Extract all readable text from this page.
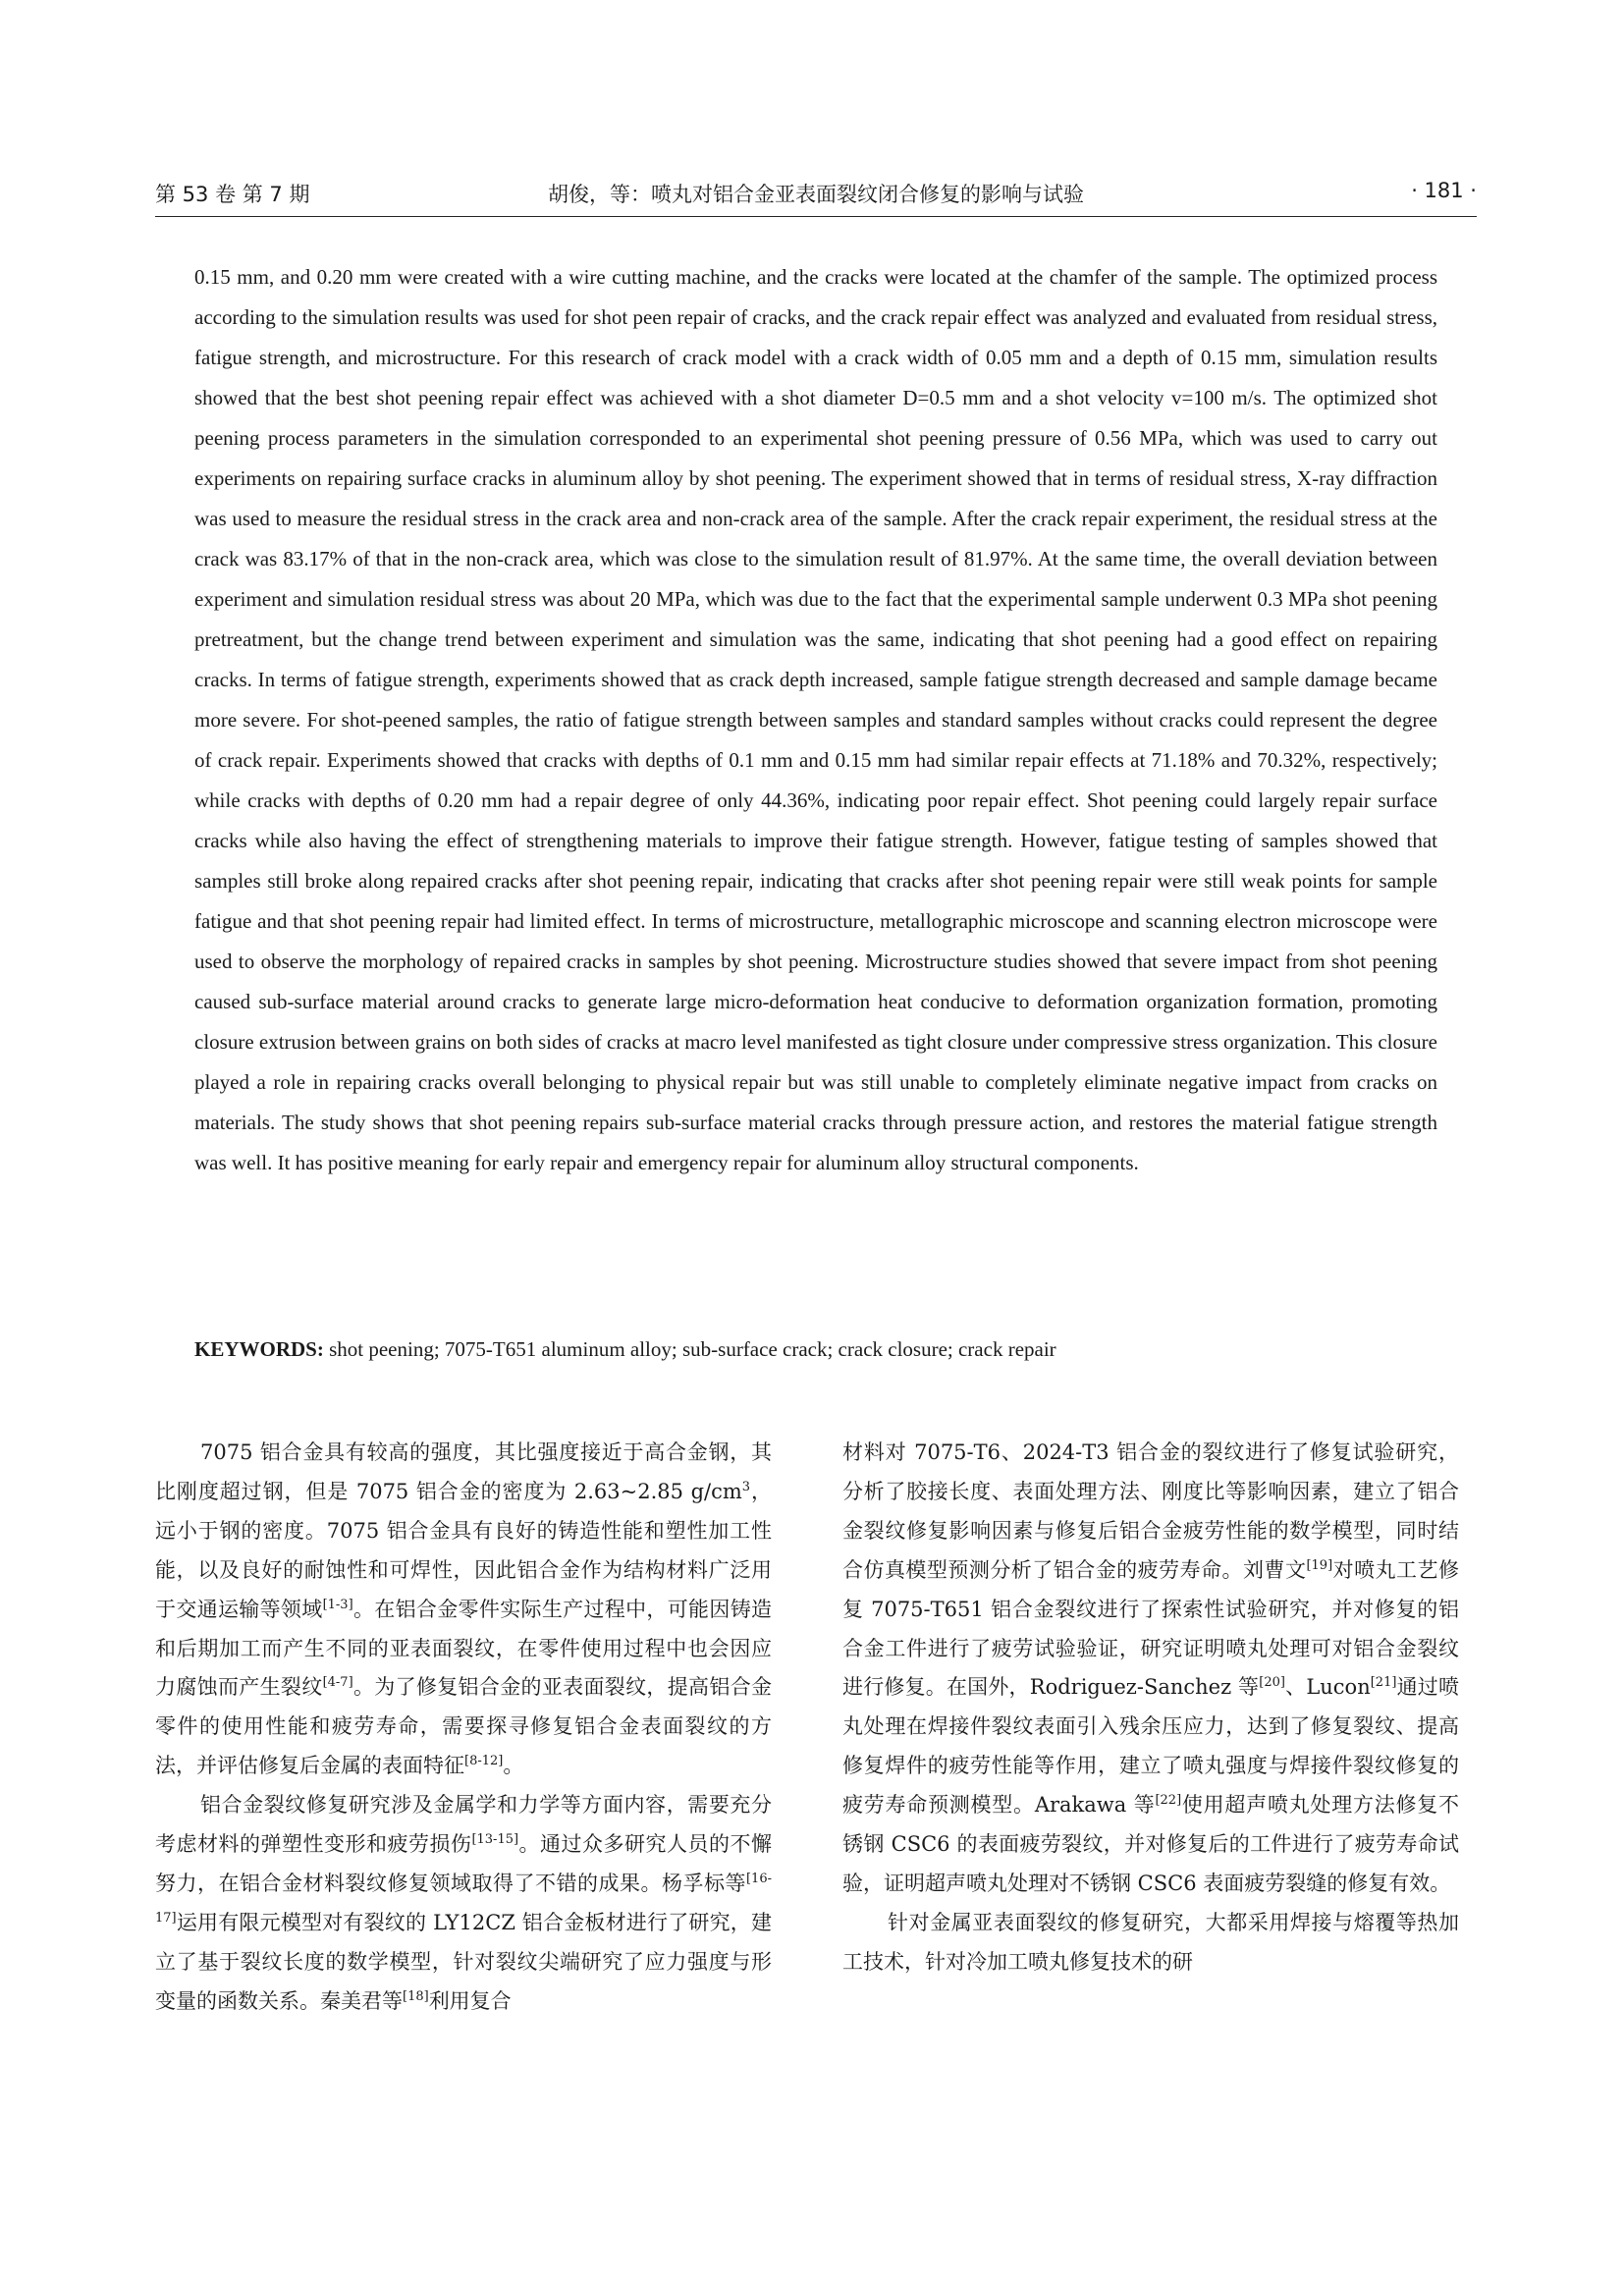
第 53 卷 第 7 期	胡俊，等：喷丸对铝合金亚表面裂纹闭合修复的影响与试验	· 181 ·

0.15 mm, and 0.20 mm were created with a wire cutting machine, and the cracks were located at the chamfer of the sample. The optimized process according to the simulation results was used for shot peen repair of cracks, and the crack repair effect was analyzed and evaluated from residual stress, fatigue strength, and microstructure. For this research of crack model with a crack width of 0.05 mm and a depth of 0.15 mm, simulation results showed that the best shot peening repair effect was achieved with a shot diameter D=0.5 mm and a shot velocity v=100 m/s. The optimized shot peening process parameters in the simulation corresponded to an experimental shot peening pressure of 0.56 MPa, which was used to carry out experiments on repairing surface cracks in aluminum alloy by shot peening. The experiment showed that in terms of residual stress, X-ray diffraction was used to measure the residual stress in the crack area and non-crack area of the sample. After the crack repair experiment, the residual stress at the crack was 83.17% of that in the non-crack area, which was close to the simulation result of 81.97%. At the same time, the overall deviation between experiment and simulation residual stress was about 20 MPa, which was due to the fact that the experimental sample underwent 0.3 MPa shot peening pretreatment, but the change trend between experiment and simulation was the same, indicating that shot peening had a good effect on repairing cracks. In terms of fatigue strength, experiments showed that as crack depth increased, sample fatigue strength decreased and sample damage became more severe. For shot-peened samples, the ratio of fatigue strength between samples and standard samples without cracks could represent the degree of crack repair. Experiments showed that cracks with depths of 0.1 mm and 0.15 mm had similar repair effects at 71.18% and 70.32%, respectively; while cracks with depths of 0.20 mm had a repair degree of only 44.36%, indicating poor repair effect. Shot peening could largely repair surface cracks while also having the effect of strengthening materials to improve their fatigue strength. However, fatigue testing of samples showed that samples still broke along repaired cracks after shot peening repair, indicating that cracks after shot peening repair were still weak points for sample fatigue and that shot peening repair had limited effect. In terms of microstructure, metallographic microscope and scanning electron microscope were used to observe the morphology of repaired cracks in samples by shot peening. Microstructure studies showed that severe impact from shot peening caused sub-surface material around cracks to generate large micro-deformation heat conducive to deformation organization formation, promoting closure extrusion between grains on both sides of cracks at macro level manifested as tight closure under compressive stress organization. This closure played a role in repairing cracks overall belonging to physical repair but was still unable to completely eliminate negative impact from cracks on materials. The study shows that shot peening repairs sub-surface material cracks through pressure action, and restores the material fatigue strength was well. It has positive meaning for early repair and emergency repair for aluminum alloy structural components.

KEYWORDS: shot peening; 7075-T651 aluminum alloy; sub-surface crack; crack closure; crack repair

7075 铝合金具有较高的强度，其比强度接近于高合金钢，其比刚度超过钢，但是 7075 铝合金的密度为 2.63~2.85 $g/cm^3$，远小于钢的密度。7075 铝合金具有良好的铸造性能和塑性加工性能，以及良好的耐蚀性和可焊性，因此铝合金作为结构材料广泛用于交通运输等领域[1-3]。在铝合金零件实际生产过程中，可能因铸造和后期加工而产生不同的亚表面裂纹，在零件使用过程中也会因应力腐蚀而产生裂纹[4-7]。为了修复铝合金的亚表面裂纹，提高铝合金零件的使用性能和疲劳寿命，需要探寻修复铝合金表面裂纹的方法，并评估修复后金属的表面特征[8-12]。

铝合金裂纹修复研究涉及金属学和力学等方面内容，需要充分考虑材料的弹塑性变形和疲劳损伤[13-15]。通过众多研究人员的不懈努力，在铝合金材料裂纹修复领域取得了不错的成果。杨孚标等[16-17]运用有限元模型对有裂纹的 LY12CZ 铝合金板材进行了研究，建立了基于裂纹长度的数学模型，针对裂纹尖端研究了应力强度与形变量的函数关系。秦美君等[18]利用复合

材料对 7075-T6、2024-T3 铝合金的裂纹进行了修复试验研究，分析了胶接长度、表面处理方法、刚度比等影响因素，建立了铝合金裂纹修复影响因素与修复后铝合金疲劳性能的数学模型，同时结合仿真模型预测分析了铝合金的疲劳寿命。刘曹文[19]对喷丸工艺修复 7075-T651 铝合金裂纹进行了探索性试验研究，并对修复的铝合金工件进行了疲劳试验验证，研究证明喷丸处理可对铝合金裂纹进行修复。在国外，Rodriguez-Sanchez 等[20]、Lucon[21]通过喷丸处理在焊接件裂纹表面引入残余压应力，达到了修复裂纹、提高修复焊件的疲劳性能等作用，建立了喷丸强度与焊接件裂纹修复的疲劳寿命预测模型。Arakawa 等[22]使用超声喷丸处理方法修复不锈钢 CSC6 的表面疲劳裂纹，并对修复后的工件进行了疲劳寿命试验，证明超声喷丸处理对不锈钢 CSC6 表面疲劳裂缝的修复有效。

针对金属亚表面裂纹的修复研究，大都采用焊接与熔覆等热加工技术，针对冷加工喷丸修复技术的研
